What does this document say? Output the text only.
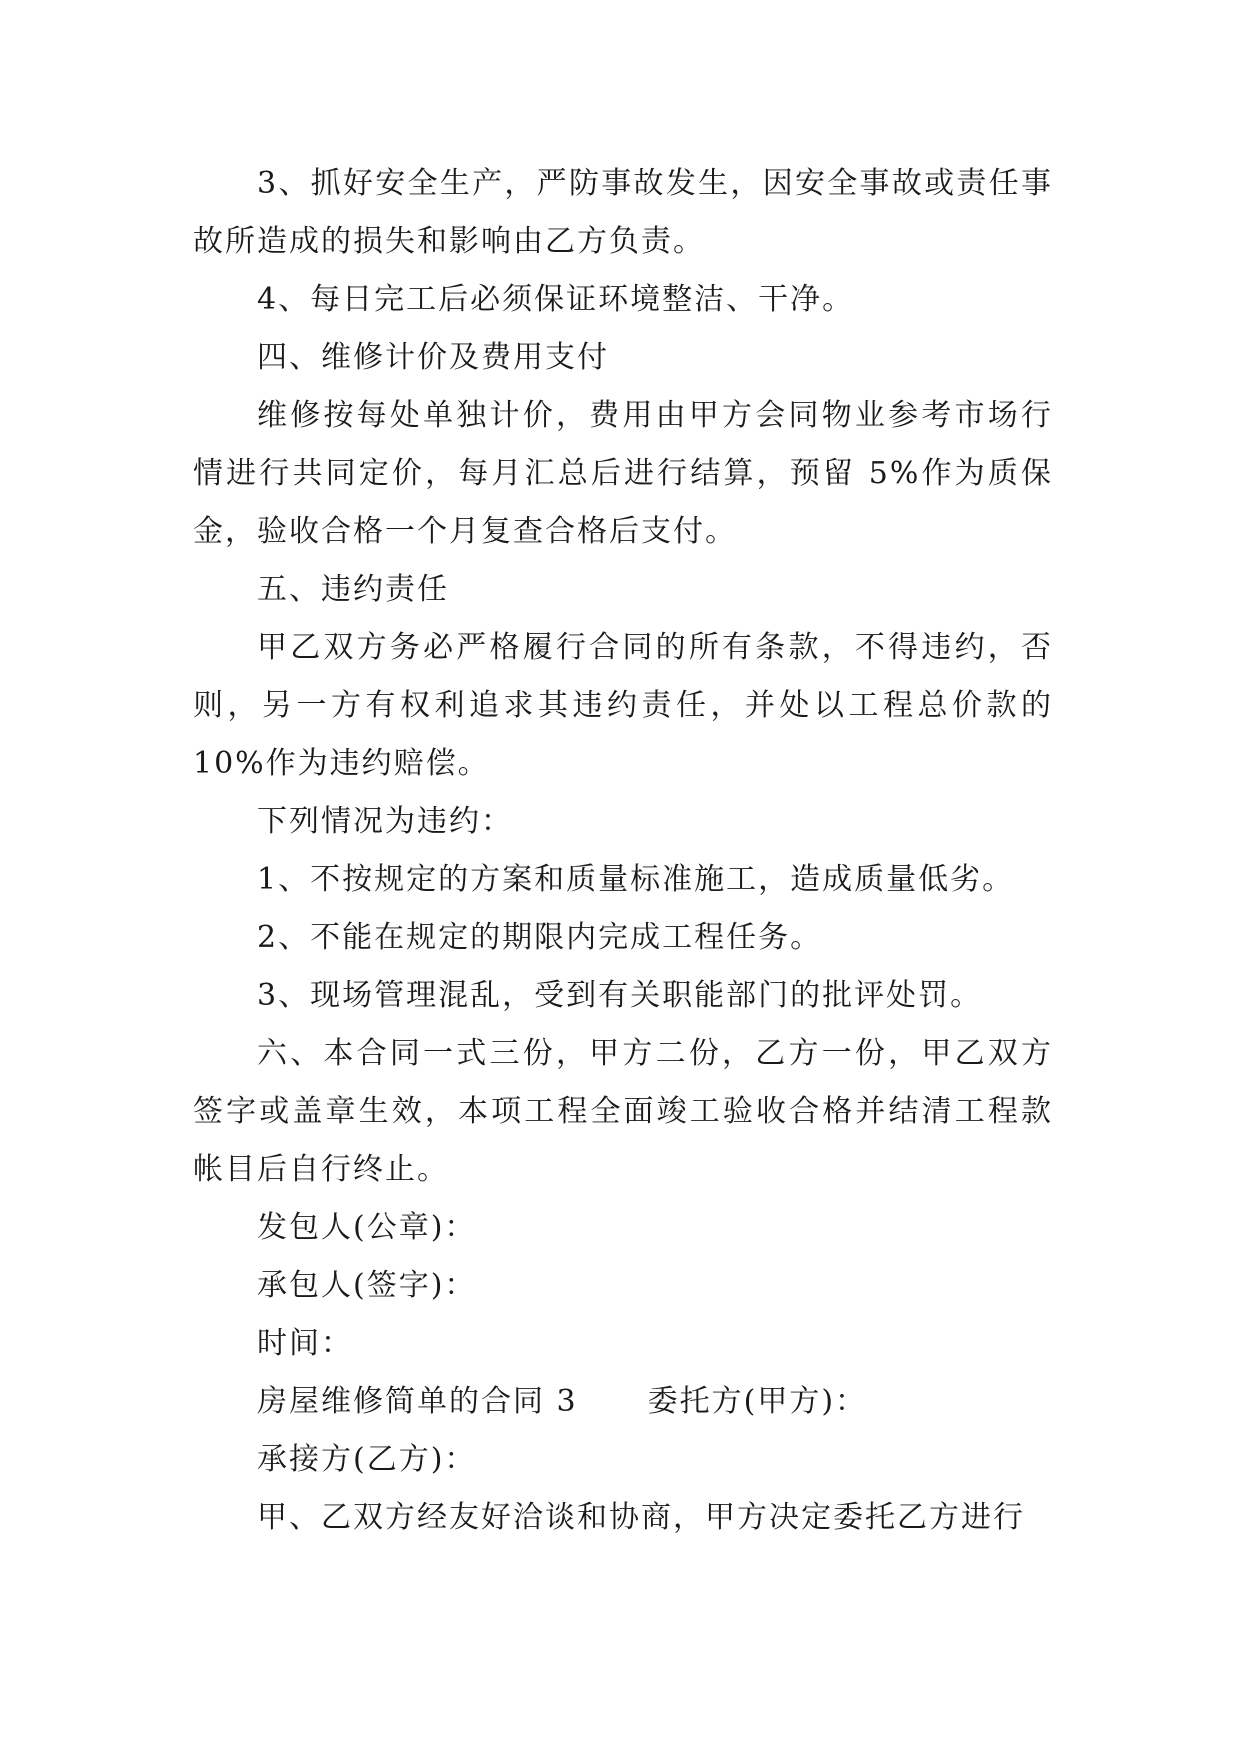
3、抓好安全生产，严防事故发生，因安全事故或责任事故所造成的损失和影响由乙方负责。

4、每日完工后必须保证环境整洁、干净。

四、维修计价及费用支付

维修按每处单独计价，费用由甲方会同物业参考市场行情进行共同定价，每月汇总后进行结算，预留 5%作为质保金，验收合格一个月复查合格后支付。

五、违约责任

甲乙双方务必严格履行合同的所有条款，不得违约，否则，另一方有权利追求其违约责任，并处以工程总价款的 10%作为违约赔偿。

下列情况为违约：

1、不按规定的方案和质量标准施工，造成质量低劣。

2、不能在规定的期限内完成工程任务。

3、现场管理混乱，受到有关职能部门的批评处罚。

六、本合同一式三份，甲方二份，乙方一份，甲乙双方签字或盖章生效，本项工程全面竣工验收合格并结清工程款帐目后自行终止。

发包人(公章)：

承包人(签字)：

时间：

房屋维修简单的合同 3 委托方(甲方)：

承接方(乙方)：

甲、乙双方经友好洽谈和协商，甲方决定委托乙方进行
